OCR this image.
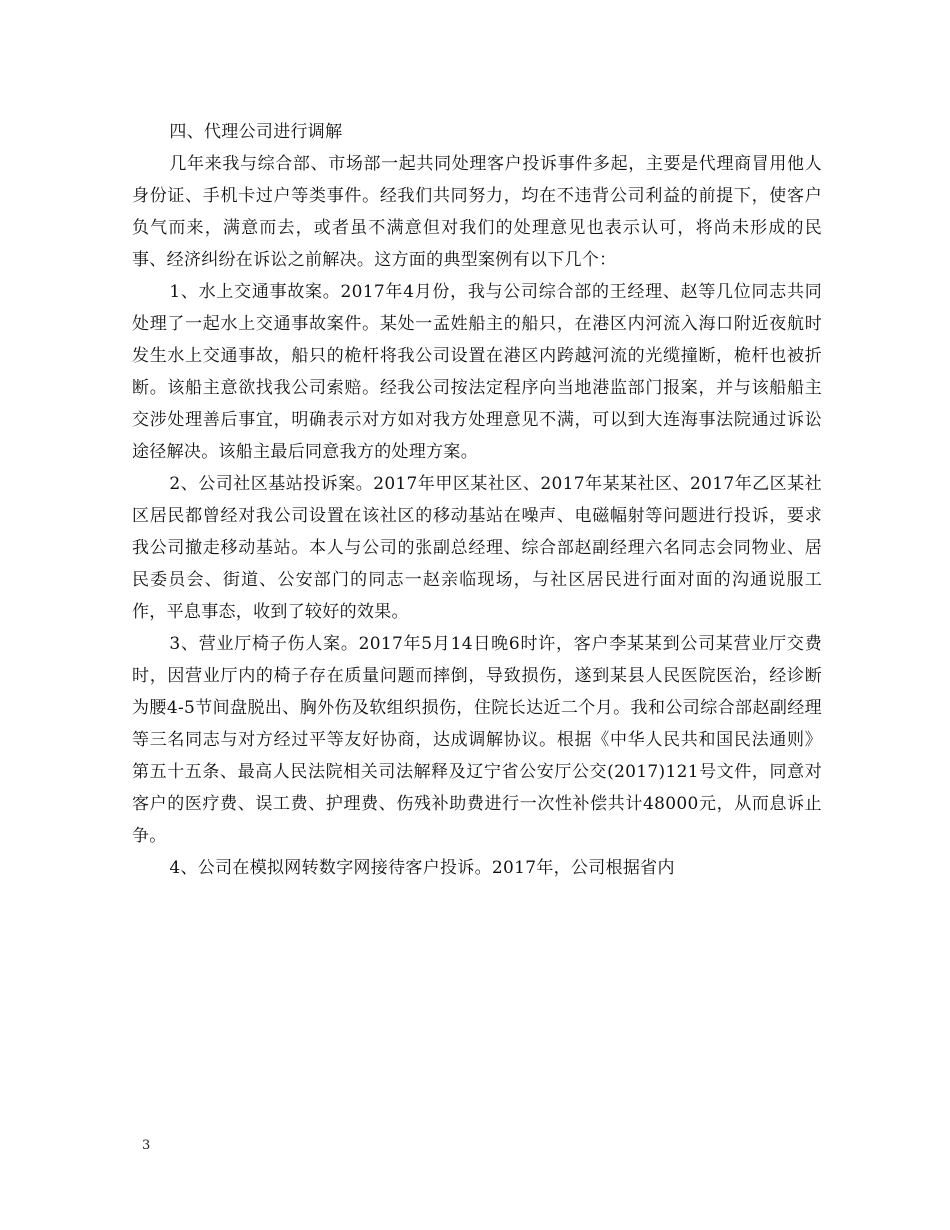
四、代理公司进行调解

几年来我与综合部、市场部一起共同处理客户投诉事件多起，主要是代理商冒用他人身份证、手机卡过户等类事件。经我们共同努力，均在不违背公司利益的前提下，使客户负气而来，满意而去，或者虽不满意但对我们的处理意见也表示认可，将尚未形成的民事、经济纠纷在诉讼之前解决。这方面的典型案例有以下几个：

1、水上交通事故案。2017年4月份，我与公司综合部的王经理、赵等几位同志共同处理了一起水上交通事故案件。某处一孟姓船主的船只，在港区内河流入海口附近夜航时发生水上交通事故，船只的桅杆将我公司设置在港区内跨越河流的光缆撞断，桅杆也被折断。该船主意欲找我公司索赔。经我公司按法定程序向当地港监部门报案，并与该船船主交涉处理善后事宜，明确表示对方如对我方处理意见不满，可以到大连海事法院通过诉讼途径解决。该船主最后同意我方的处理方案。

2、公司社区基站投诉案。2017年甲区某社区、2017年某某社区、2017年乙区某社区居民都曾经对我公司设置在该社区的移动基站在噪声、电磁幅射等问题进行投诉，要求我公司撤走移动基站。本人与公司的张副总经理、综合部赵副经理六名同志会同物业、居民委员会、街道、公安部门的同志一赵亲临现场，与社区居民进行面对面的沟通说服工作，平息事态，收到了较好的效果。

3、营业厅椅子伤人案。2017年5月14日晚6时许，客户李某某到公司某营业厅交费时，因营业厅内的椅子存在质量问题而摔倒，导致损伤，遂到某县人民医院医治，经诊断为腰4-5节间盘脱出、胸外伤及软组织损伤，住院长达近二个月。我和公司综合部赵副经理等三名同志与对方经过平等友好协商，达成调解协议。根据《中华人民共和国民法通则》第五十五条、最高人民法院相关司法解释及辽宁省公安厅公交(2017)121号文件，同意对客户的医疗费、误工费、护理费、伤残补助费进行一次性补偿共计48000元，从而息诉止争。

4、公司在模拟网转数字网接待客户投诉。2017年，公司根据省内

3
